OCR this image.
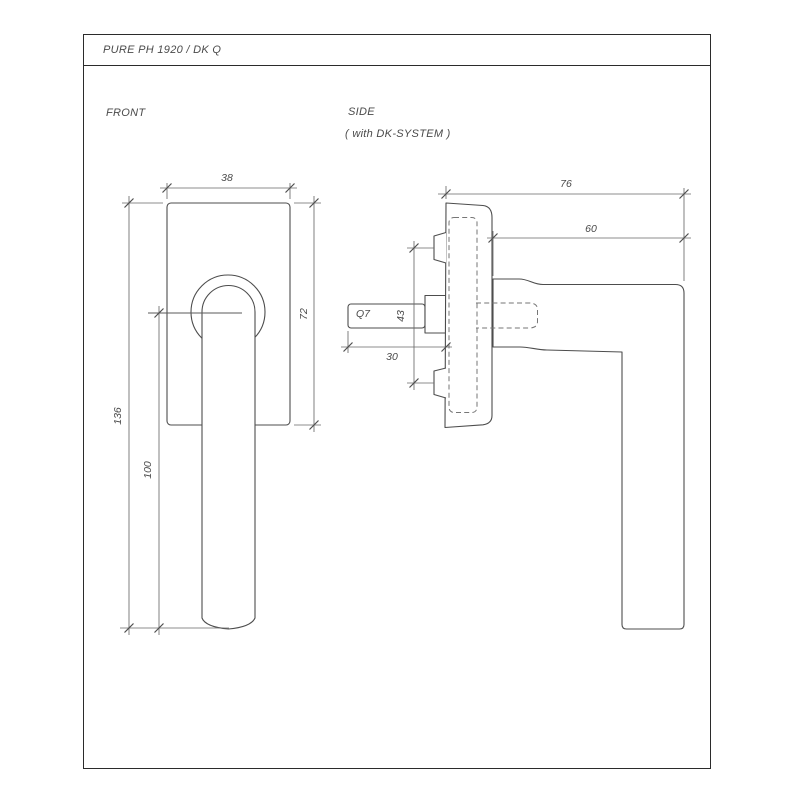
PURE PH 1920 / DK Q
FRONT	SIDE
( with DK-SYSTEM )
38
72
136
100
76
60
43
30
Q7
